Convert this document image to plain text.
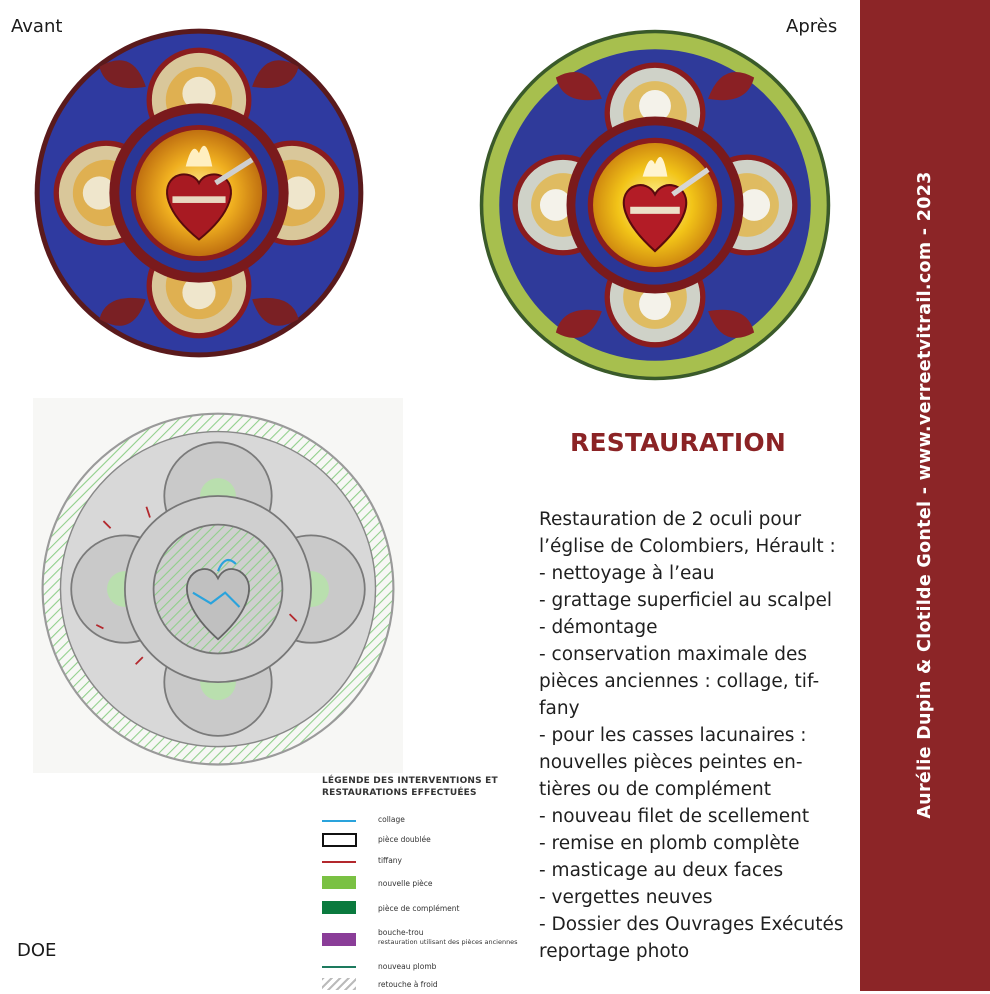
Avant	Après
DOE
LÉGENDE DES INTERVENTIONS ET
RESTAURATIONS EFFECTUÉES
collage
pièce doublée
tiffany
nouvelle pièce
pièce de complément
bouche-trou
restauration utilisant des pièces anciennes
nouveau plomb
retouche à froid
RESTAURATION
Restauration de 2 oculi pour
l’église de Colombiers, Hérault :
- nettoyage à l’eau
- grattage superficiel au scalpel
- démontage
- conservation maximale des
pièces anciennes : collage, tif-
fany
- pour les casses lacunaires :
nouvelles pièces peintes en-
tières ou de complément
- nouveau filet de scellement
- remise en plomb complète
- masticage au deux faces
- vergettes neuves
- Dossier des Ouvrages Exécutés
reportage photo
Aurélie Dupin & Clotilde Gontel - www.verreetvitrail.com - 2023
